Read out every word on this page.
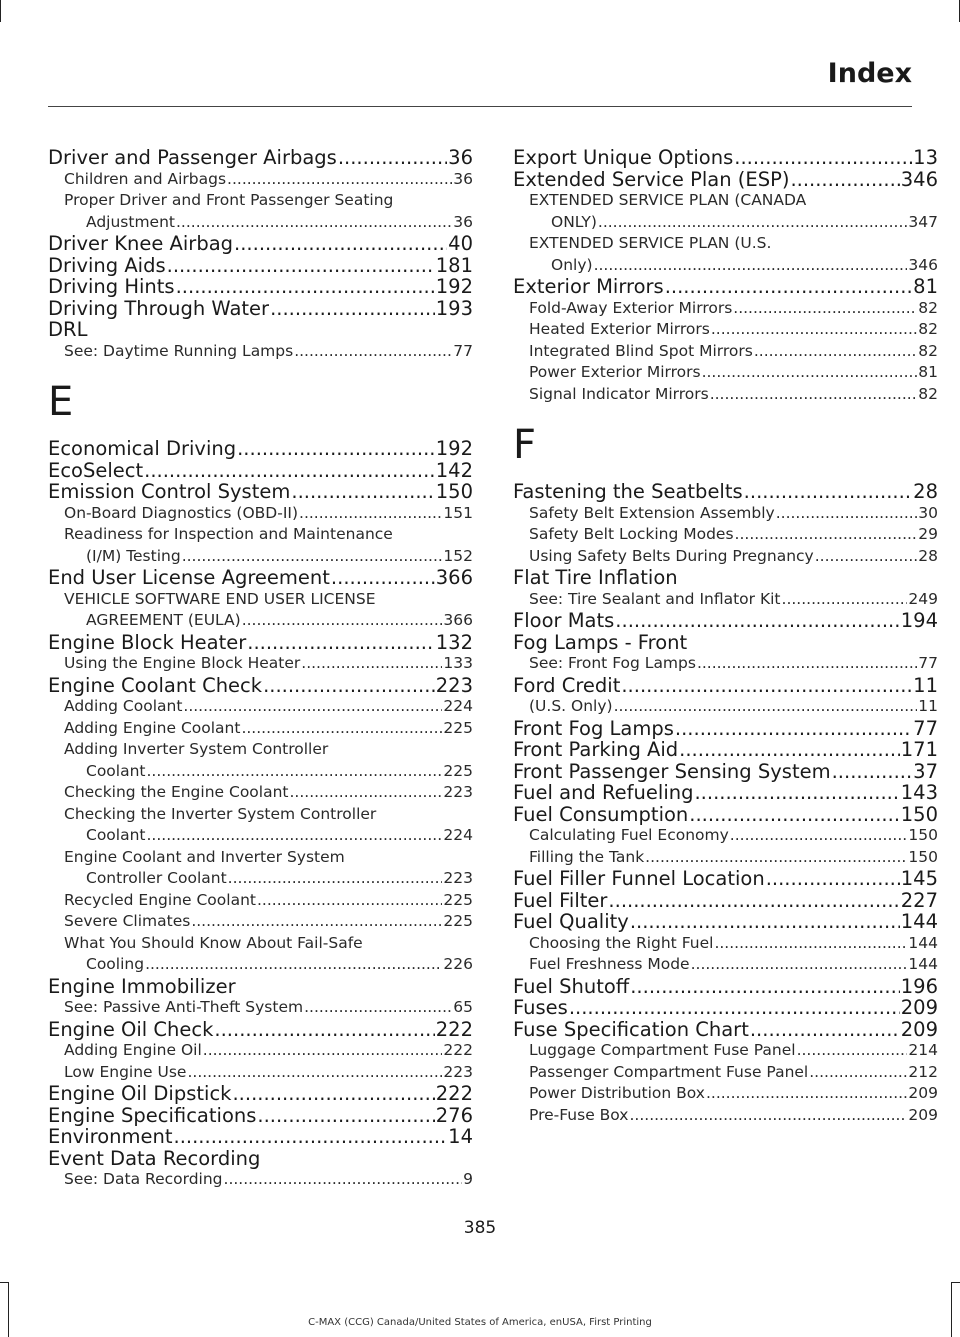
Index
Driver and Passenger Airbags .....	36
Children and Airbags .....	36
Proper Driver and Front Passenger Seating
Adjustment .....	36
Driver Knee Airbag .....	40
Driving Aids .....	181
Driving Hints .....	192
Driving Through Water .....	193
DRL
See: Daytime Running Lamps .....	77
E
Economical Driving .....	192
EcoSelect .....	142
Emission Control System .....	150
On-Board Diagnostics (OBD-II) .....	151
Readiness for Inspection and Maintenance
(I/M) Testing .....	152
End User License Agreement .....	366
VEHICLE SOFTWARE END USER LICENSE
AGREEMENT (EULA) .....	366
Engine Block Heater .....	132
Using the Engine Block Heater .....	133
Engine Coolant Check .....	223
Adding Coolant .....	224
Adding Engine Coolant .....	225
Adding Inverter System Controller
Coolant .....	225
Checking the Engine Coolant .....	223
Checking the Inverter System Controller
Coolant .....	224
Engine Coolant and Inverter System
Controller Coolant .....	223
Recycled Engine Coolant .....	225
Severe Climates .....	225
What You Should Know About Fail-Safe
Cooling .....	226
Engine Immobilizer
See: Passive Anti-Theft System .....	65
Engine Oil Check .....	222
Adding Engine Oil .....	222
Low Engine Use .....	223
Engine Oil Dipstick .....	222
Engine Specifications .....	276
Environment .....	14
Event Data Recording
See: Data Recording .....	9
Export Unique Options .....	13
Extended Service Plan (ESP) .....	346
EXTENDED SERVICE PLAN (CANADA
ONLY) .....	347
EXTENDED SERVICE PLAN (U.S.
Only) .....	346
Exterior Mirrors .....	81
Fold-Away Exterior Mirrors .....	82
Heated Exterior Mirrors .....	82
Integrated Blind Spot Mirrors .....	82
Power Exterior Mirrors .....	81
Signal Indicator Mirrors .....	82
F
Fastening the Seatbelts .....	28
Safety Belt Extension Assembly .....	30
Safety Belt Locking Modes .....	29
Using Safety Belts During Pregnancy .....	28
Flat Tire Inflation
See: Tire Sealant and Inflator Kit .....	249
Floor Mats .....	194
Fog Lamps - Front
See: Front Fog Lamps .....	77
Ford Credit .....	11
(U.S. Only) .....	11
Front Fog Lamps .....	77
Front Parking Aid .....	171
Front Passenger Sensing System .....	37
Fuel and Refueling .....	143
Fuel Consumption .....	150
Calculating Fuel Economy .....	150
Filling the Tank .....	150
Fuel Filler Funnel Location .....	145
Fuel Filter .....	227
Fuel Quality .....	144
Choosing the Right Fuel .....	144
Fuel Freshness Mode .....	144
Fuel Shutoff .....	196
Fuses .....	209
Fuse Specification Chart .....	209
Luggage Compartment Fuse Panel .....	214
Passenger Compartment Fuse Panel .....	212
Power Distribution Box .....	209
Pre-Fuse Box .....	209
385
C-MAX (CCG) Canada/United States of America, enUSA, First Printing
